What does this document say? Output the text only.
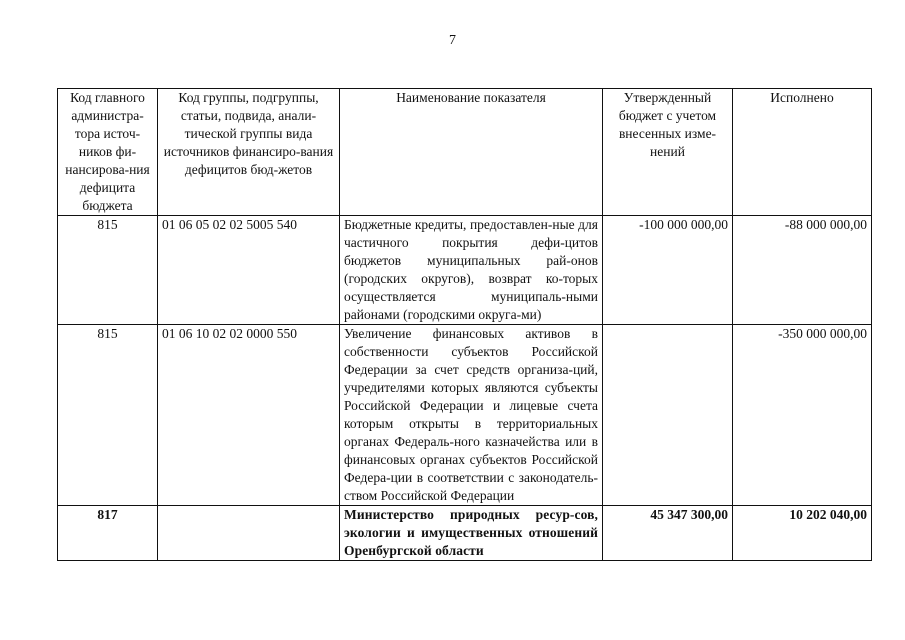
7
Код главного администра-тора источ-ников фи-нансирова-ния дефицита бюджета	Код группы, подгруппы, статьи, подвида, анали-тической группы вида источников финансиро-вания дефицитов бюд-жетов	Наименование показателя	Утвержденный бюджет с учетом внесенных изме-нений	Исполнено
815	01 06 05 02 02 5005 540	Бюджетные кредиты, предоставлен-ные для частичного покрытия дефи-цитов бюджетов муниципальных рай-онов (городских округов), возврат ко-торых осуществляется муниципаль-ными районами (городскими округа-ми)	-100 000 000,00	-88 000 000,00
815	01 06 10 02 02 0000 550	Увеличение финансовых активов в собственности субъектов Российской Федерации за счет средств организа-ций, учредителями которых являются субъекты Российской Федерации и лицевые счета которым открыты в территориальных органах Федераль-ного казначейства или в финансовых органах субъектов Российской Федера-ции в соответствии с законодатель-ством Российской Федерации		-350 000 000,00
817		Министерство природных ресур-сов, экологии и имущественных отношений Оренбургской области	45 347 300,00	10 202 040,00
